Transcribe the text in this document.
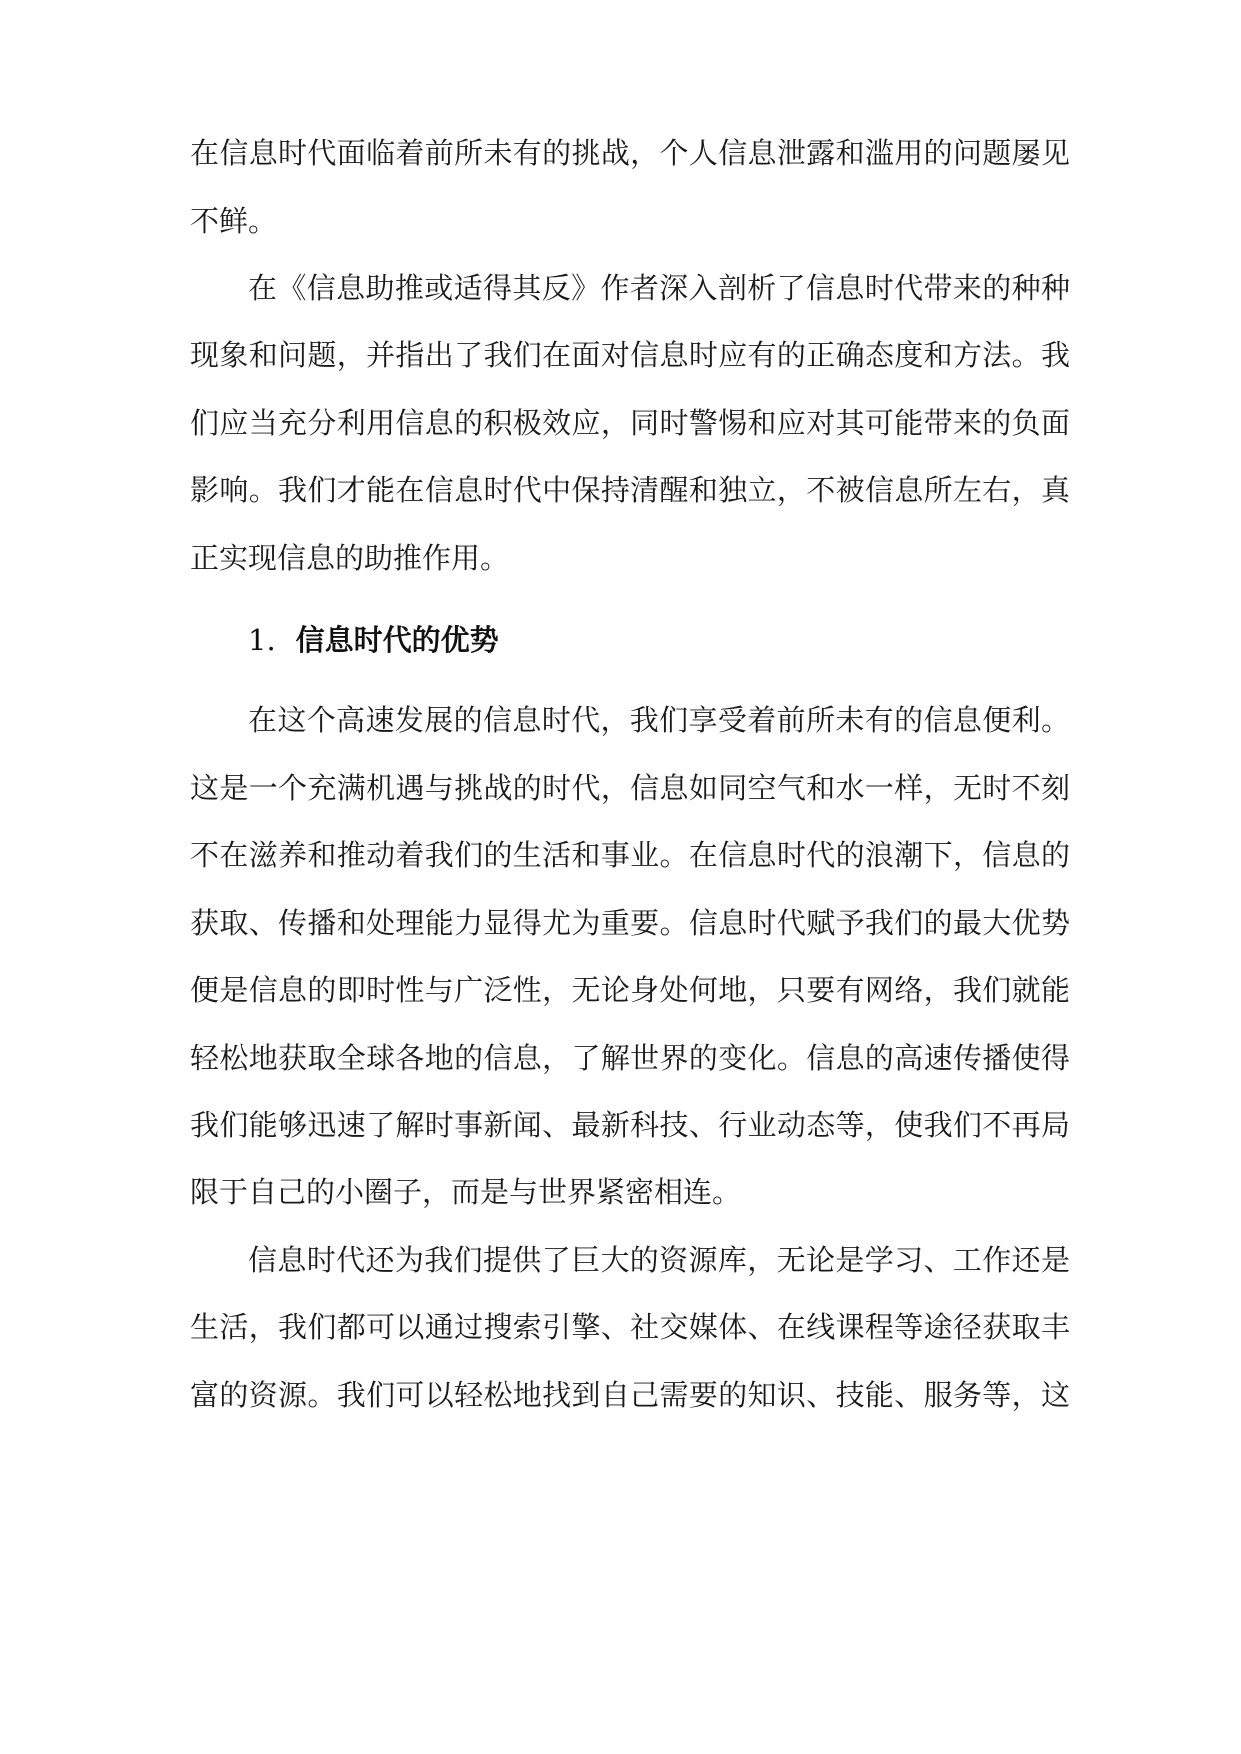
在信息时代面临着前所未有的挑战，个人信息泄露和滥用的问题屡见
不鲜。
在《信息助推或适得其反》作者深入剖析了信息时代带来的种种
现象和问题，并指出了我们在面对信息时应有的正确态度和方法。我
们应当充分利用信息的积极效应，同时警惕和应对其可能带来的负面
影响。我们才能在信息时代中保持清醒和独立，不被信息所左右，真
正实现信息的助推作用。
1. 信息时代的优势
在这个高速发展的信息时代，我们享受着前所未有的信息便利。
这是一个充满机遇与挑战的时代，信息如同空气和水一样，无时不刻
不在滋养和推动着我们的生活和事业。在信息时代的浪潮下，信息的
获取、传播和处理能力显得尤为重要。信息时代赋予我们的最大优势
便是信息的即时性与广泛性，无论身处何地，只要有网络，我们就能
轻松地获取全球各地的信息，了解世界的变化。信息的高速传播使得
我们能够迅速了解时事新闻、最新科技、行业动态等，使我们不再局
限于自己的小圈子，而是与世界紧密相连。
信息时代还为我们提供了巨大的资源库，无论是学习、工作还是
生活，我们都可以通过搜索引擎、社交媒体、在线课程等途径获取丰
富的资源。我们可以轻松地找到自己需要的知识、技能、服务等，这
